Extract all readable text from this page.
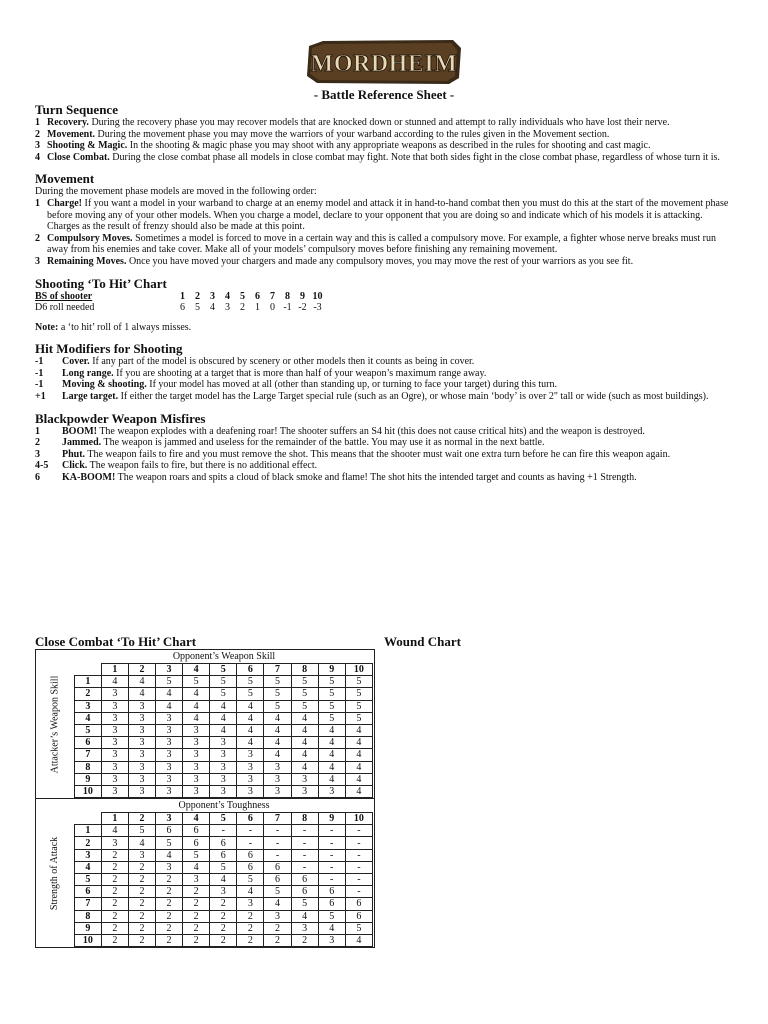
MORDHEIM
- Battle Reference Sheet -
Turn Sequence
1 Recovery. During the recovery phase you may recover models that are knocked down or stunned and attempt to rally individuals who have lost their nerve.
2 Movement. During the movement phase you may move the warriors of your warband according to the rules given in the Movement section.
3 Shooting & Magic. In the shooting & magic phase you may shoot with any appropriate weapons as described in the rules for shooting and cast magic.
4 Close Combat. During the close combat phase all models in close combat may fight. Note that both sides fight in the close combat phase, regardless of whose turn it is.
Movement

During the movement phase models are moved in the following order:

1 Charge! If you want a model in your warband to charge at an enemy model and attack it in hand-to-hand combat then you must do this at the start of the movement phase before moving any of your other models. When you charge a model, declare to your opponent that you are doing so and indicate which of his models it is attacking. Charges as the result of frenzy should also be made at this point.
2 Compulsory Moves. Sometimes a model is forced to move in a certain way and this is called a compulsory move. For example, a fighter whose nerve breaks must run away from his enemies and take cover. Make all of your models’ compulsory moves before finishing any remaining movement.
3 Remaining Moves. Once you have moved your chargers and made any compulsory moves, you may move the rest of your warriors as you see fit.
Shooting ‘To Hit’ Chart
BS of shooter	1	2	3	4	5	6	7	8	9	10
D6 roll needed	6	5	4	3	2	1	0	-1	-2	-3
Note: a ‘to hit’ roll of 1 always misses.
Hit Modifiers for Shooting
-1	Cover. If any part of the model is obscured by scenery or other models then it counts as being in cover.
-1	Long range. If you are shooting at a target that is more than half of your weapon’s maximum range away.
-1	Moving & shooting. If your model has moved at all (other than standing up, or turning to face your target) during this turn.
+1	Large target. If either the target model has the Large Target special rule (such as an Ogre), or whose main ‘body’ is over 2" tall or wide (such as most buildings).
Blackpowder Weapon Misfires
1	BOOM! The weapon explodes with a deafening roar! The shooter suffers an S4 hit (this does not cause critical hits) and the weapon is destroyed.
2	Jammed. The weapon is jammed and useless for the remainder of the battle. You may use it as normal in the next battle.
3	Phut. The weapon fails to fire and you must remove the shot. This means that the shooter must wait one extra turn before he can fire this weapon again.
4-5	Click. The weapon fails to fire, but there is no additional effect.
6	KA-BOOM! The weapon roars and spits a cloud of black smoke and flame! The shot hits the intended target and counts as having +1 Strength.
Close Combat ‘To Hit’ Chart	Wound Chart
Attacker’s Weapon Skill
Opponent’s Weapon Skill
	1	2	3	4	5	6	7	8	9	10
1	4	4	5	5	5	5	5	5	5	5
2	3	4	4	4	5	5	5	5	5	5
3	3	3	4	4	4	4	5	5	5	5
4	3	3	3	4	4	4	4	4	5	5
5	3	3	3	3	4	4	4	4	4	4
6	3	3	3	3	3	4	4	4	4	4
7	3	3	3	3	3	3	4	4	4	4
8	3	3	3	3	3	3	3	4	4	4
9	3	3	3	3	3	3	3	3	4	4
10	3	3	3	3	3	3	3	3	3	4
Strength of Attack
Opponent’s Toughness
	1	2	3	4	5	6	7	8	9	10
1	4	5	6	6	-	-	-	-	-	-
2	3	4	5	6	6	-	-	-	-	-
3	2	3	4	5	6	6	-	-	-	-
4	2	2	3	4	5	6	6	-	-	-
5	2	2	2	3	4	5	6	6	-	-
6	2	2	2	2	3	4	5	6	6	-
7	2	2	2	2	2	3	4	5	6	6
8	2	2	2	2	2	2	3	4	5	6
9	2	2	2	2	2	2	2	3	4	5
10	2	2	2	2	2	2	2	2	3	4
